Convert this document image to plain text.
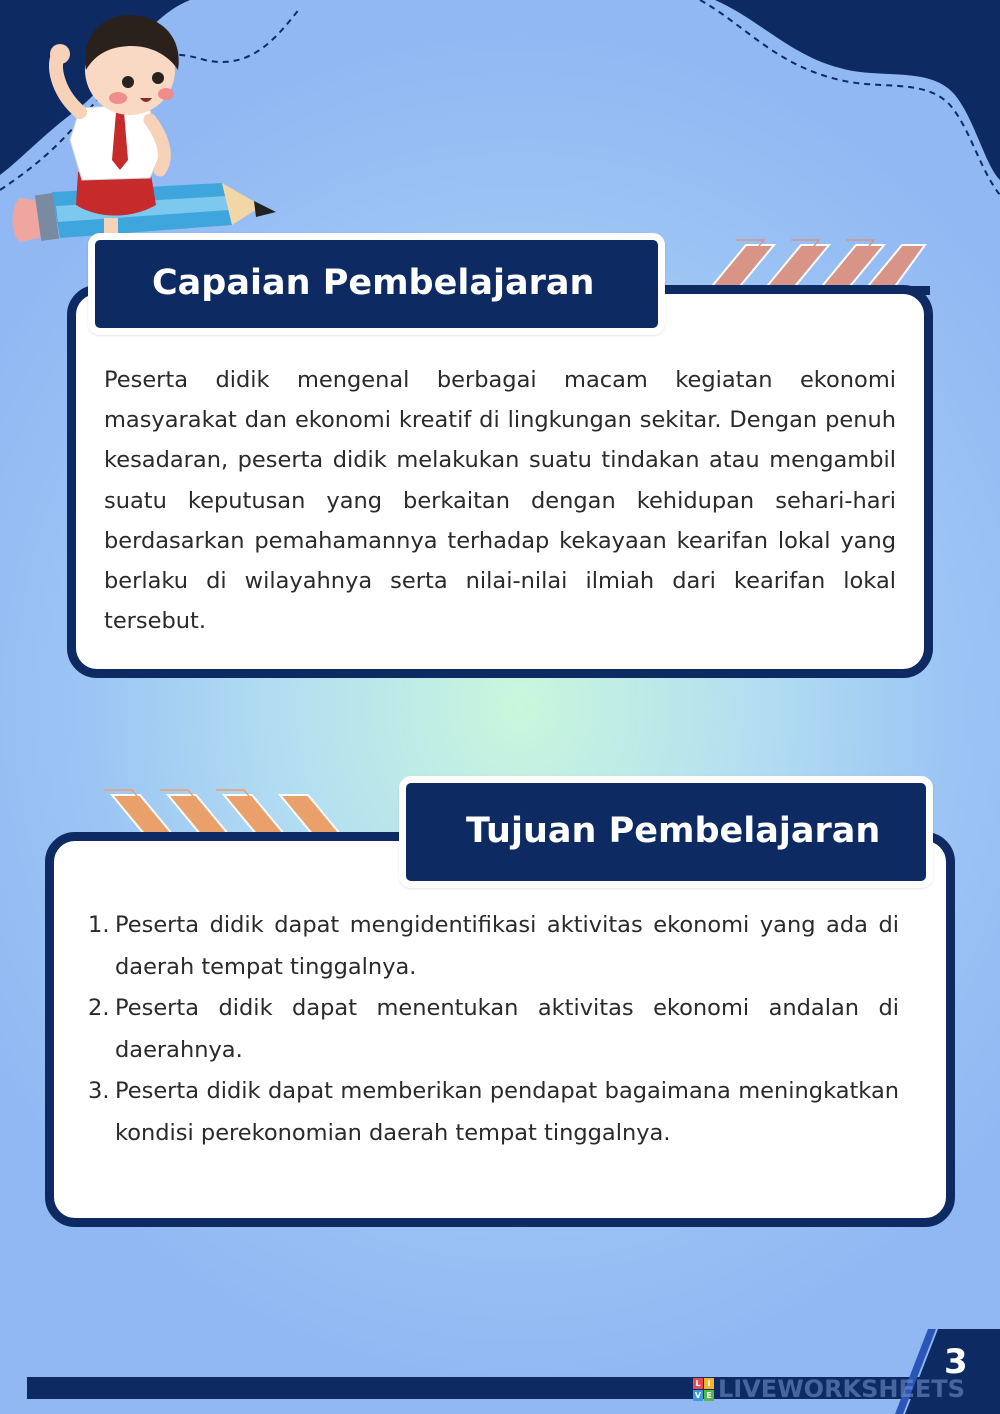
Capaian Pembelajaran

Peserta didik mengenal berbagai macam kegiatan ekonomi masyarakat dan ekonomi kreatif di lingkungan sekitar. Dengan penuh kesadaran, peserta didik melakukan suatu tindakan atau mengambil suatu keputusan yang berkaitan dengan kehidupan sehari-hari berdasarkan pemahamannya terhadap kekayaan kearifan lokal yang berlaku di wilayahnya serta nilai-nilai ilmiah dari kearifan lokal tersebut.

Tujuan Pembelajaran
1. Peserta didik dapat mengidentifikasi aktivitas ekonomi yang ada di daerah tempat tinggalnya.
2. Peserta didik dapat menentukan aktivitas ekonomi andalan di daerahnya.
3. Peserta didik dapat memberikan pendapat bagaimana meningkatkan kondisi perekonomian daerah tempat tinggalnya.
L I
V E LIVEWORKSHEETS
3
